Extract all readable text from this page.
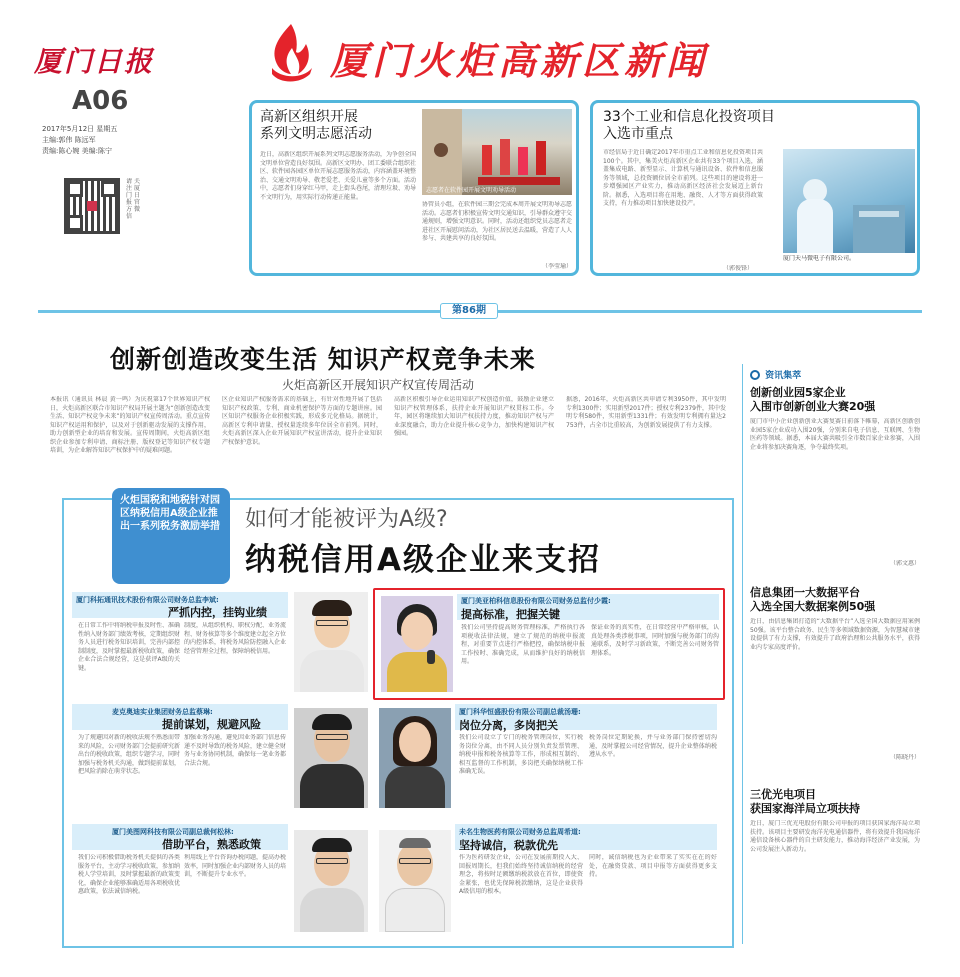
厦门日报
A06
2017年5月12日 星期五
主编:郭伟 陈远军
责编:陈心婉 美编:陈宁
请关注厦门日报官方微信
厦门火炬高新区新闻
高新区组织开展
系列文明志愿活动
志愿者在软件园开展文明劝导活动
近日，高新区组织开展系列文明志愿服务活动，为争创全国文明单位营造良好氛围。高新区文明办、团工委联合组织社区、软件园各园区单位开展志愿服务活动，内容涵盖环境整治、交通文明劝导、敬老爱老、关爱儿童等多个方面。活动中，志愿者们身穿红马甲，走上街头巷尾，清理垃圾、劝导不文明行为，用实际行动传递正能量。
协管员小组，在软件园三期会完成本周开展文明劝导志愿活动。志愿者们积极宣传文明交通知识，引导群众遵守交通规则，增强文明意识。同时，活动还组织党员志愿者走进社区开展慰问活动，为社区居民送去温暖，营造了人人参与、共建共享的良好氛围。
（李莹瑜）
33个工业和信息化投资项目
入选市重点
市经信局于近日确定2017年市重点工业和信息化投资项目共100个。其中，集美火炬高新区企业共有33个项目入选，涵盖集成电路、新型显示、计算机与通讯设备、软件和信息服务等领域，总投资额位居全市前列。这些项目的建设将进一步增强园区产业实力，推动高新区经济社会发展迈上新台阶。据悉，入选项目将在用地、融资、人才等方面获得政策支持，有力推动项目加快建设投产。
厦门天马微电子有限公司。
（郭俊锋）
第86期
创新创造改变生活 知识产权竞争未来
火炬高新区开展知识产权宣传周活动
本报讯（通讯员 林晨 黄一鸣）为庆祝第17个世界知识产权日，火炬高新区联合市知识产权局开展主题为“创新创造改变生活、知识产权竞争未来”的知识产权宣传周活动。重点宣传知识产权运用和保护，以及对于创新驱动发展的支撑作用，助力创新型企业的培育和发展。宣传周期间，火炬高新区组织企业参加专利申请、商标注册、版权登记等知识产权专题培训，为企业解答知识产权保护中的疑难问题。
区企业知识产权服务需求的基础上，有针对性地开展了包括知识产权政策、专利、商业机密保护等方面的专题讲座。园区知识产权服务企业积极实践，形成多元化格局。据统计，高新区专利申请量、授权量连续多年位居全市前列。同时，火炬高新区深入企业开展知识产权宣讲活动，提升企业知识产权保护意识。
高新区积极引导企业运用知识产权创造价值，鼓励企业建立知识产权管理体系，扶持企业开展知识产权贯标工作。今年，园区将继续加大知识产权扶持力度，推动知识产权与产业深度融合，助力企业提升核心竞争力，加快构建知识产权强园。
据悉，2016年，火炬高新区共申请专利3950件，其中发明专利1300件；实用新型2017件；授权专利2379件，其中发明专利580件，实用新型1331件；有效发明专利拥有量达2753件，占全市比重较高，为创新发展提供了有力支撑。
火炬国税和地税针对园区纳税信用A级企业推出一系列税务激励举措 如何才能被评为A级?
纳税信用A级企业来支招
厦门科拓通讯技术股份有限公司财务总监李斌:
严抓内控，挂钩业绩
在日常工作中将纳税申报及时性、准确性纳入财务部门绩效考核，定期组织财务人员进行税务知识培训，完善内部控制制度，及时掌握最新税收政策，确保企业合法合规经营，这是获评A级的关键。
制度，从组织机构、职权分配、业务流程、财务核算等多个维度建立起全方位的内控体系，将税务风险防控融入企业经营管理全过程，保障纳税信用。
厦门美亚柏科信息股份有限公司财务总监付少霞:
提高标准，把握关键
我们公司坚持提高财务管理标准，严格执行各项税收法律法规，建立了规范的纳税申报流程，对重要节点进行严格把控，确保纳税申报工作按时、准确完成，从而维护良好的纳税信用。
保证业务的真实性，在日常经营中严格审核，认真处理各类涉税事项，同时加强与税务部门的沟通联系，及时学习新政策，不断完善公司财务管理体系。
麦克奥迪实业集团财务总监蔡琳:
提前谋划，规避风险
为了规避因对新的税收法规不熟悉而带来的风险，公司财务部门会提前研究新出台的税收政策，组织专题学习，同时加强与税务机关沟通，做到提前谋划，把风险消除在萌芽状态。
加强业务沟通，避免因业务部门信息传递不及时导致的税务风险，建立健全财务与业务协同机制，确保每一笔业务都合法合规。
厦门科华恒盛股份有限公司副总裁汤珊:
岗位分离，多岗把关
我们公司设立了专门的税务管理岗位，实行税务岗位分离，由不同人员分别负责发票管理、纳税申报和税务核算等工作，形成相互制约、相互监督的工作机制，多岗把关确保纳税工作准确无误。
税务岗位定期轮换，并与业务部门保持密切沟通，及时掌握公司经营情况，提升企业整体纳税遵从水平。
厦门美图网科技有限公司副总裁何松林:
借助平台，熟悉政策
我们公司积极借助税务机关提供的各类服务平台，主动学习税收政策，参加纳税人学堂培训，及时掌握最新的政策变化，确保企业能够准确适用各项税收优惠政策，依法诚信纳税。
利用线上平台咨询办税问题，提高办税效率，同时加强企业内部财务人员的培训，不断提升专业水平。
未名生物医药有限公司财务总监周希道:
坚持诚信，税款优先
作为医药研发企业，公司在发展前期投入大、回报周期长，但我们始终坚持诚信纳税的经营理念，将按时足额缴纳税款放在首位，即使资金紧张，也优先保障税款缴纳，这是企业获得A级信用的根本。
同时，诚信纳税也为企业带来了实实在在的好处，在融资贷款、项目申报等方面获得更多支持。
资讯集萃
创新创业园5家企业
入围市创新创业大赛20强
厦门市中小企业创新创业大赛复赛日前落下帷幕，高新区创新创业园5家企业成功入围20强，分别来自电子信息、互联网、生物医药等领域。据悉，本届大赛共吸引全市数百家企业参赛，入围企业将参加决赛角逐，争夺最终奖项。
（郭文惠）
信息集团一大数据平台
入选全国大数据案例50强
近日，由信息集团打造的“大数据平台”入选全国大数据应用案例50强。该平台整合政务、民生等多领域数据资源，为智慧城市建设提供了有力支撑，有效提升了政府治理和公共服务水平，获得业内专家高度评价。
（陈晓丹）
三优光电项目
获国家海洋局立项扶持
近日，厦门三优光电股份有限公司申报的项目获国家海洋局立项扶持。该项目主要研发海洋光电通信器件，将有效提升我国海洋通信设备核心器件的自主研发能力，推动海洋经济产业发展，为公司发展注入新动力。
